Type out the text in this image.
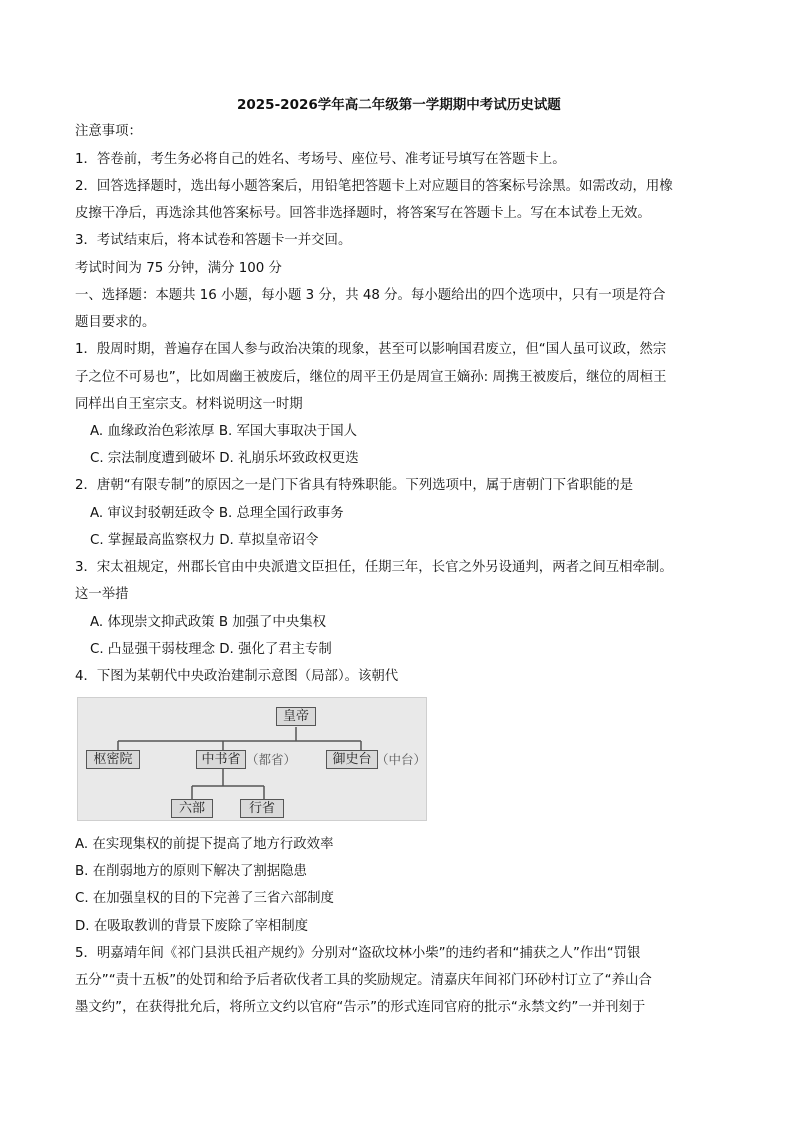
2025-2026学年高二年级第一学期期中考试历史试题
注意事项：
1．答卷前，考生务必将自己的姓名、考场号、座位号、准考证号填写在答题卡上。
2．回答选择题时，选出每小题答案后，用铅笔把答题卡上对应题目的答案标号涂黑。如需改动，用橡
皮擦干净后，再选涂其他答案标号。回答非选择题时，将答案写在答题卡上。写在本试卷上无效。
3．考试结束后，将本试卷和答题卡一并交回。
考试时间为 75 分钟，满分 100 分
一、选择题：本题共 16 小题，每小题 3 分，共 48 分。每小题给出的四个选项中，只有一项是符合
题目要求的。
1．殷周时期，普遍存在国人参与政治决策的现象，甚至可以影响国君废立，但“国人虽可议政，然宗
子之位不可易也”，比如周幽王被废后，继位的周平王仍是周宣王嫡孙: 周携王被废后，继位的周桓王
同样出自王室宗支。材料说明这一时期
A. 血缘政治色彩浓厚 B. 军国大事取决于国人
C. 宗法制度遭到破坏 D. 礼崩乐坏致政权更迭
2．唐朝“有限专制”的原因之一是门下省具有特殊职能。下列选项中，属于唐朝门下省职能的是
A. 审议封驳朝廷政令 B. 总理全国行政事务
C. 掌握最高监察权力 D. 草拟皇帝诏令
3．宋太祖规定，州郡长官由中央派遣文臣担任，任期三年，长官之外另设通判，两者之间互相牵制。
这一举措
A. 体现崇文抑武政策 B 加强了中央集权
C. 凸显强干弱枝理念 D. 强化了君主专制
4．下图为某朝代中央政治建制示意图（局部）。该朝代
皇帝
枢密院	中书省 （都省）	御史台 （中台）
六部	行省
A. 在实现集权的前提下提高了地方行政效率
B. 在削弱地方的原则下解决了割据隐患
C. 在加强皇权的目的下完善了三省六部制度
D. 在吸取教训的背景下废除了宰相制度
5．明嘉靖年间《祁门县洪氏祖产规约》分别对“盗砍坟林小柴”的违约者和“捕获之人”作出“罚银
五分”“责十五板”的处罚和给予后者砍伐者工具的奖励规定。清嘉庆年间祁门环砂村订立了“养山合
墨文约”，在获得批允后，将所立文约以官府“告示”的形式连同官府的批示“永禁文约”一并刊刻于
